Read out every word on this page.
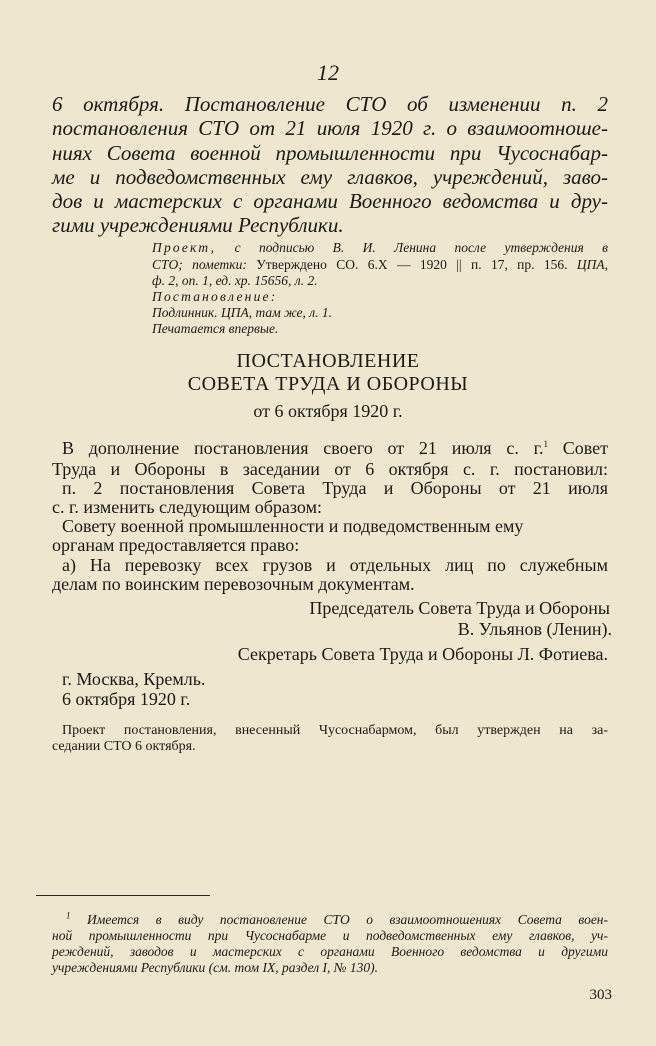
12
6 октября. Постановление СТО об изменении п. 2
постановления СТО от 21 июля 1920 г. о взаимоотноше-
ниях Совета военной промышленности при Чусоснабар-
ме и подведомственных ему главков, учреждений, заво-
дов и мастерских с органами Военного ведомства и дру-
гими учреждениями Республики.
Проект, с подписью В. И. Ленина после утверждения в
СТО; пометки: Утверждено СО. 6.X — 1920 || п. 17, пр. 156. ЦПА,
ф. 2, оп. 1, ед. хр. 15656, л. 2.
Постановление:
Подлинник. ЦПА, там же, л. 1.
Печатается впервые.
ПОСТАНОВЛЕНИЕ
СОВЕТА ТРУДА И ОБОРОНЫ
от 6 октября 1920 г.
В дополнение постановления своего от 21 июля с. г.$^1$ Совет
Труда и Обороны в заседании от 6 октября с. г. постановил:
п. 2 постановления Совета Труда и Обороны от 21 июля
с. г. изменить следующим образом:
Совету военной промышленности и подведомственным ему
органам предоставляется право:
а) На перевозку всех грузов и отдельных лиц по служебным
делам по воинским перевозочным документам.
Председатель Совета Труда и Обороны
В. Ульянов (Ленин).
Секретарь Совета Труда и Обороны Л. Фотиева.
г. Москва, Кремль.
6 октября 1920 г.
Проект постановления, внесенный Чусоснабармом, был утвержден на за-
седании СТО 6 октября.
$^1$ Имеется в виду постановление СТО о взаимоотношениях Совета воен-
ной промышленности при Чусоснабарме и подведомственных ему главков, уч-
реждений, заводов и мастерских с органами Военного ведомства и другими
учреждениями Республики (см. том IX, раздел I, № 130).
303
